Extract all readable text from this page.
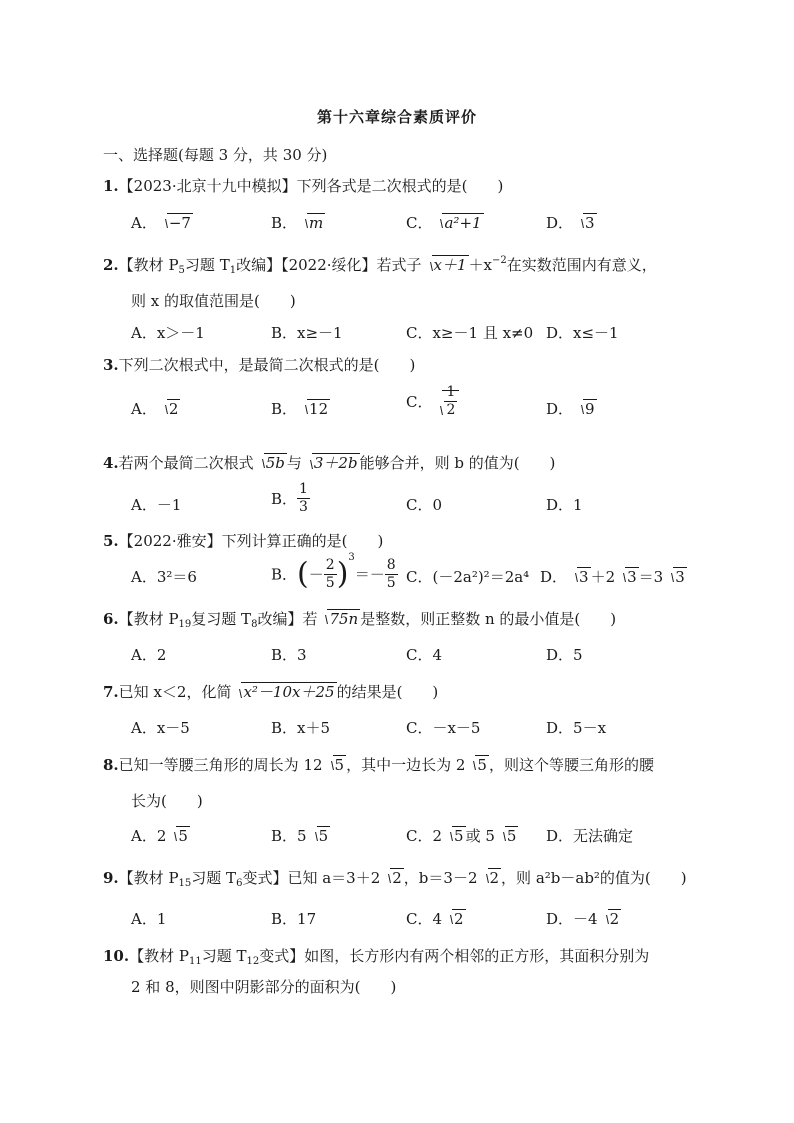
第十六章综合素质评价
一、选择题(每题 3 分，共 30 分)
1.【2023·北京十九中模拟】下列各式是二次根式的是(　　)
A． −7	B． m	C． a²+1	D． 3
2.【教材 $P_5$习题 $T_1$改编】【2022·绥化】若式子 $x+1 +x^{-2}$在实数范围内有意义，
则 x 的取值范围是(　　)
A．x＞－1	B．x≥－1	C．x≥－1 且 x≠0 D．x≤－1
3.下列二次根式中，是最简二次根式的是(　　)
A． 2	B． 12	C． $\frac{1}{2}$	D． 9
4.若两个最简二次根式 5b 与 3＋2b 能够合并，则 b 的值为(　　)
A．－1	B． $\frac{1}{3}$	C．0	D．1
5.【2022·雅安】下列计算正确的是(　　)
A．3²＝6	B．(－ $\frac{2}{5} )^3=- \frac{8}{5}$ C．(－2a²)²＝2a⁴ D． 3 ＋2 3 ＝3 3
6.【教材 $P_{19}$复习题 $T_8$改编】若 75n 是整数，则正整数 n 的最小值是(　　)
A．2	B．3	C．4	D．5
7.已知 x＜2，化简 x²－10x＋25 的结果是(　　)
A．x－5	B．x＋5	C．－x－5	D．5－x
8.已知一等腰三角形的周长为 12 5 ，其中一边长为 2 5 ，则这个等腰三角形的腰
长为(　　)
A．2 5	B．5 5	C．2 5 或 5 5 D．无法确定
9.【教材 $P_{15}$习题 $T_6$变式】已知 a＝3＋2 2 ，b＝3－2 2 ，则 a²b－ab²的值为(　　)
A．1	B．17	C．4 2	D．－4 2
10.【教材 $P_{11}$习题 $T_{12}$变式】如图，长方形内有两个相邻的正方形，其面积分别为
2 和 8，则图中阴影部分的面积为(　　)
